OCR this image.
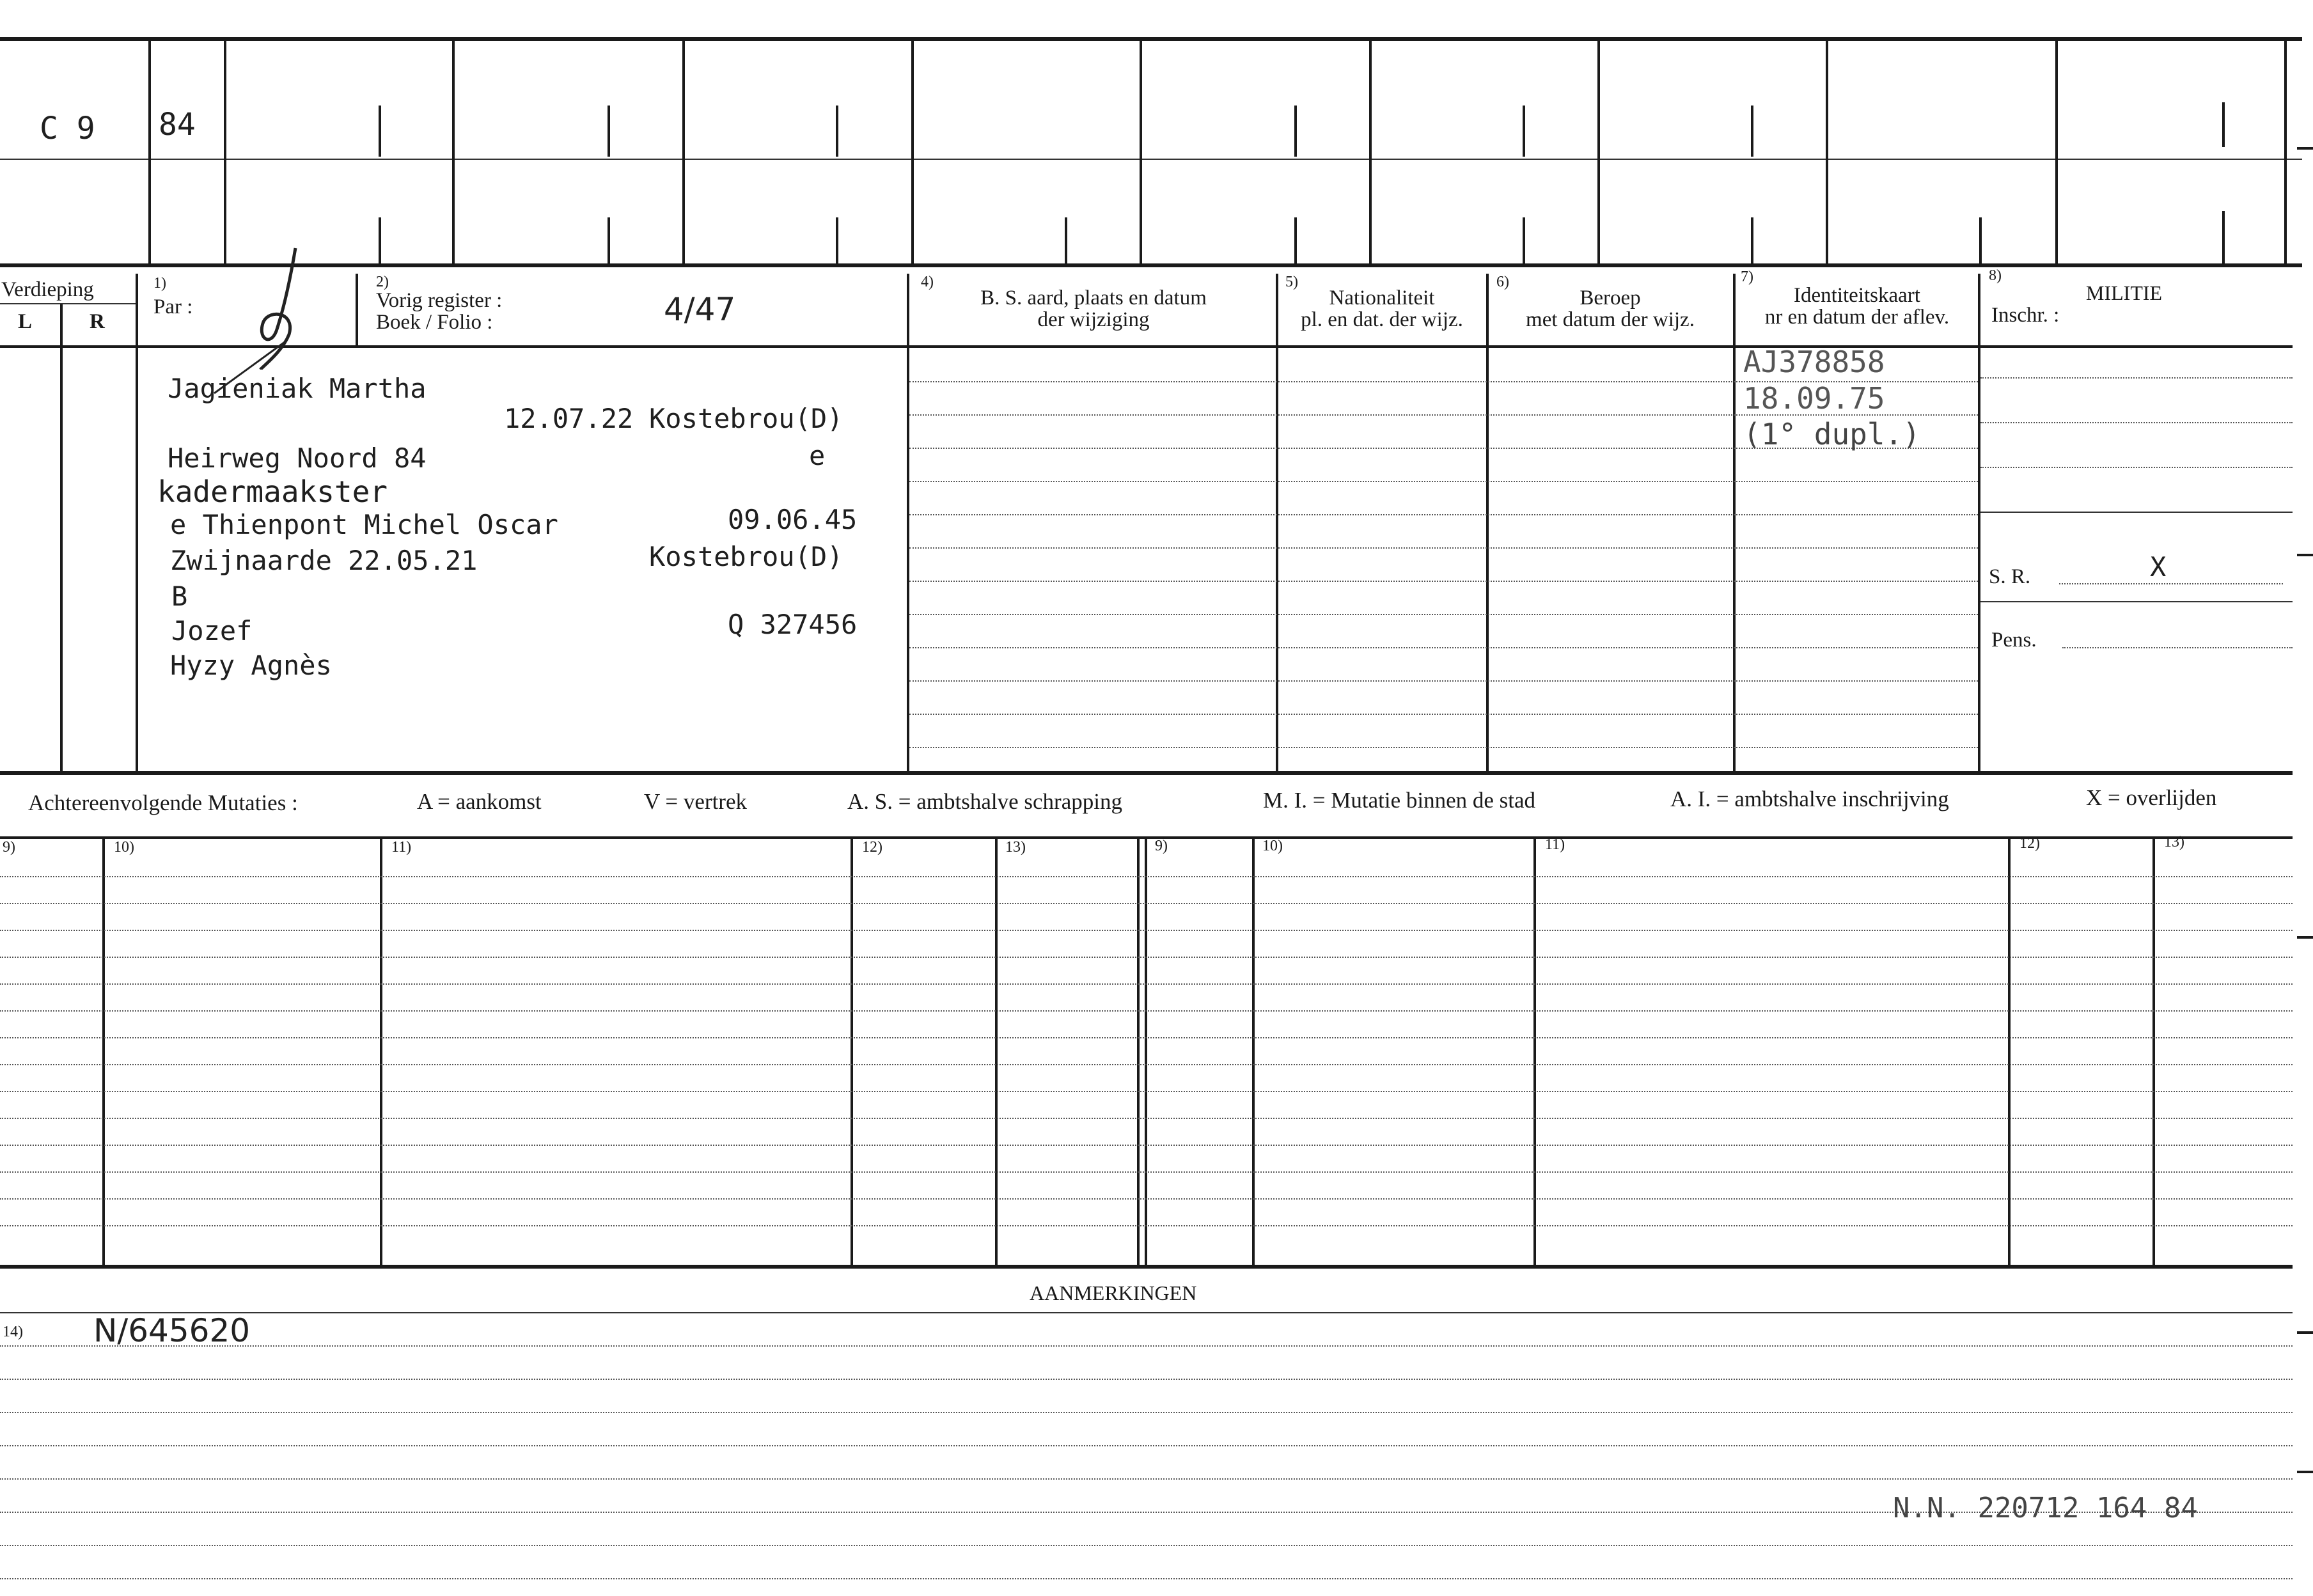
C 9 84
Verdieping
L	R
1)
Par :
2)
Vorig register :
Boek / Folio :	4/47
4)
B. S. aard, plaats en datum
der wijziging
5)
Nationaliteit
pl. en dat. der wijz.
6)
Beroep
met datum der wijz.
7)
Identiteitskaart
nr en datum der aflev.
8)
MILITIE
Inschr. :
Jagieniak Martha
12.07.22 Kostebrou(D)
Heirweg Noord 84	e
kadermaakster
e Thienpont Michel Oscar	09.06.45
Zwijnaarde 22.05.21	Kostebrou(D)
B
Jozef	Q 327456
Hyzy Agnès
AJ378858
18.09.75
(1° dupl.)
S. R.	X
Pens.
Achtereenvolgende Mutaties :	A = aankomst	V = vertrek	A. S. = ambtshalve schrapping	M. I. = Mutatie binnen de stad	A. I. = ambtshalve inschrijving	X = overlijden
9)	10)	11)	12)	13)	9)	10)	11)	12)	13)
AANMERKINGEN
14) N/645620
N.N. 220712 164 84
